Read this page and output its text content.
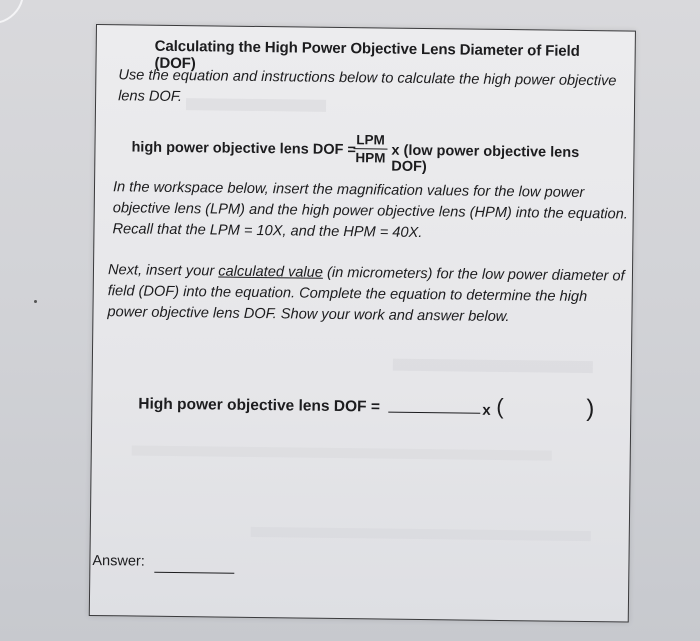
Calculating the High Power Objective Lens Diameter of Field (DOF)
Use the equation and instructions below to calculate the high power objective lens DOF.
high power objective lens DOF = LPM
HPM x (low power objective lens DOF)
In the workspace below, insert the magnification values for the low power objective lens (LPM) and the high power objective lens (HPM) into the equation. Recall that the LPM = 10X, and the HPM = 40X.
Next, insert your calculated value (in micrometers) for the low power diameter of field (DOF) into the equation. Complete the equation to determine the high power objective lens DOF. Show your work and answer below.
High power objective lens DOF =	x (	)
Answer:
